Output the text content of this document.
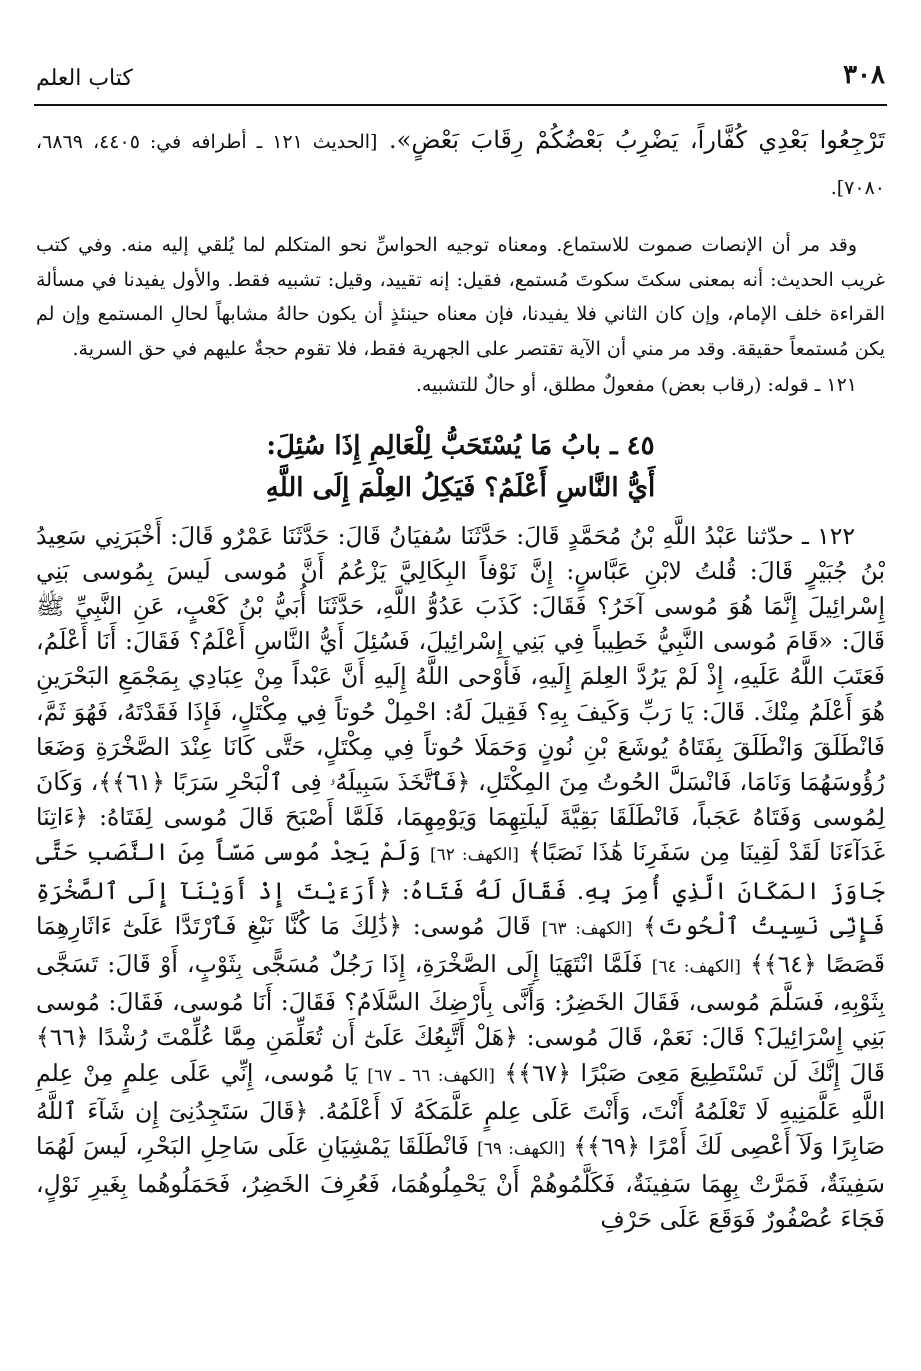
٣٠٨
كتاب العلم

تَرْجِعُوا بَعْدِي كُفَّاراً، يَضْرِبُ بَعْضُكُمْ رِقَابَ بَعْضٍ». [الحديث ١٢١ ـ أطرافه في: ٤٤٠٥، ٦٨٦٩، ٧٠٨٠].

وقد مر أن الإنصات صموت للاستماع. ومعناه توجيه الحواسِّ نحو المتكلم لما يُلقي إليه منه. وفي كتب غريب الحديث: أنه بمعنى سكتَ سكوتَ مُستمع، فقيل: إنه تقييد، وقيل: تشبيه فقط. والأول يفيدنا في مسألة القراءة خلف الإمام، وإن كان الثاني فلا يفيدنا، فإن معناه حينئذٍ أن يكون حالهُ مشابهاً لحالِ المستمع وإن لم يكن مُستمعاً حقيقة. وقد مر مني أن الآية تقتصر على الجهرية فقط، فلا تقوم حجةٌ عليهم في حق السرية.

١٢١ ـ قوله: (رقاب بعض) مفعولٌ مطلق، أو حالٌ للتشبيه.

٤٥ ـ بابُ مَا يُسْتَحَبُّ لِلْعَالِمِ إِذَا سُئِلَ:
أَيُّ النَّاسِ أَعْلَمُ؟ فَيَكِلُ العِلْمَ إِلَى اللَّهِ

١٢٢ ـ حدّثنا عَبْدُ اللَّهِ بْنُ مُحَمَّدٍ قَالَ: حَدَّثَنَا سُفيَانُ قَالَ: حَدَّثَنَا عَمْرٌو قَالَ: أَخْبَرَنِي سَعِيدُ بْنُ جُبَيْرٍ قَالَ: قُلتُ لابْنِ عَبَّاسٍ: إِنَّ نَوْفاً البِكَالِيَّ يَزْعُمُ أَنَّ مُوسى لَيسَ بِمُوسى بَنِي إِسْرائِيلَ إِنَّمَا هُوَ مُوسى آخَرُ؟ فَقَالَ: كَذَبَ عَدُوُّ اللَّهِ، حَدَّثَنَا أُبَيُّ بْنُ كَعْبٍ، عَنِ النَّبِيِّ ﷺ قَالَ: «قَامَ مُوسى النَّبِيُّ خَطِيباً فِي بَنِي إِسْرائِيلَ، فَسُئِلَ أَيُّ النَّاسِ أَعْلَمُ؟ فَقَالَ: أَنَا أَعْلَمُ، فَعَتَبَ اللَّهُ عَلَيهِ، إِذْ لَمْ يَرُدَّ العِلمَ إِلَيهِ، فَأَوْحى اللَّهُ إِلَيهِ أَنَّ عَبْداً مِنْ عِبَادِي بِمَجْمَعِ البَحْرَينِ هُوَ أَعْلَمُ مِنْكَ. قَالَ: يَا رَبِّ وَكَيفَ بِهِ؟ فَقِيلَ لَهُ: احْمِلْ حُوتاً فِي مِكْتَلٍ، فَإِذَا فَقَدْتَهُ، فَهُوَ ثَمَّ، فَانْطَلَقَ وَانْطَلَقَ بِفَتَاهُ يُوشَعَ بْنِ نُونٍ وَحَمَلَا حُوتاً فِي مِكْتَلٍ، حَتَّى كَانَا عِنْدَ الصَّخْرَةِ وَضَعَا رُؤُوسَهُمَا وَنَامَا، فَانْسَلَّ الحُوتُ مِنَ المِكْتَلِ، ﴿فَٱتَّخَذَ سَبِيلَهُۥ فِى ٱلْبَحْرِ سَرَبًا ﴿٦١﴾﴾، وَكَانَ لِمُوسى وَفَتَاهُ عَجَباً، فَانْطَلَقَا بَقِيَّةَ لَيلَتِهِمَا وَيَوْمِهِمَا، فَلَمَّا أَصْبَحَ قَالَ مُوسى لِفَتَاهُ: ﴿ءَاتِنَا غَدَآءَنَا لَقَدْ لَقِينَا مِن سَفَرِنَا هَٰذَا نَصَبًا﴾ [الكهف: ٦٢] وَلَمْ يَجِدْ مُوسى مَسّاً مِنَ النَّصَبِ حَتَّى جَاوَزَ المَكَانَ الَّذِي أُمِرَ بِهِ. فَقَالَ لَهُ فَتَاهُ: ﴿أَرَءَيْتَ إِذْ أَوَيْنَآ إِلَى ٱلصَّخْرَةِ فَإِنِّى نَسِيتُ ٱلْحُوتَ﴾ [الكهف: ٦٣] قَالَ مُوسى: ﴿ذَٰلِكَ مَا كُنَّا نَبْغِ فَٱرْتَدَّا عَلَىٰٓ ءَاثَارِهِمَا قَصَصًا ﴿٦٤﴾﴾ [الكهف: ٦٤] فَلَمَّا انْتَهَيَا إِلَى الصَّخْرَةِ، إِذَا رَجُلٌ مُسَجًّى بِثَوْبٍ، أَوْ قَالَ: تَسَجَّى بِثَوْبِهِ، فَسَلَّمَ مُوسى، فَقَالَ الخَضِرُ: وَأَنَّى بِأَرْضِكَ السَّلَامُ؟ فَقَالَ: أَنَا مُوسى، فَقَالَ: مُوسى بَنِي إِسْرَائِيلَ؟ قَالَ: نَعَمْ، قَالَ مُوسى: ﴿هَلْ أَتَّبِعُكَ عَلَىٰٓ أَن تُعَلِّمَنِ مِمَّا عُلِّمْتَ رُشْدًا ﴿٦٦﴾ قَالَ إِنَّكَ لَن تَسْتَطِيعَ مَعِىَ صَبْرًا ﴿٦٧﴾﴾ [الكهف: ٦٦ ـ ٦٧] يَا مُوسى، إِنِّي عَلَى عِلمٍ مِنْ عِلمِ اللَّهِ عَلَّمَنِيهِ لَا تَعْلَمُهُ أَنْتَ، وَأَنْتَ عَلَى عِلمٍ عَلَّمَكَهُ لَا أَعْلَمُهُ. ﴿قَالَ سَتَجِدُنِىٓ إِن شَآءَ ٱللَّهُ صَابِرًا وَلَآ أَعْصِى لَكَ أَمْرًا ﴿٦٩﴾﴾ [الكهف: ٦٩] فَانْطَلَقَا يَمْشِيَانِ عَلَى سَاحِلِ البَحْرِ، لَيسَ لَهُمَا سَفِينَةٌ، فَمَرَّتْ بِهِمَا سَفِينَةٌ، فَكَلَّمُوهُمْ أَنْ يَحْمِلُوهُمَا، فَعُرِفَ الخَضِرُ، فَحَمَلُوهُما بِغَيرِ نَوْلٍ، فَجَاءَ عُصْفُورٌ فَوَقَعَ عَلَى حَرْفِ
